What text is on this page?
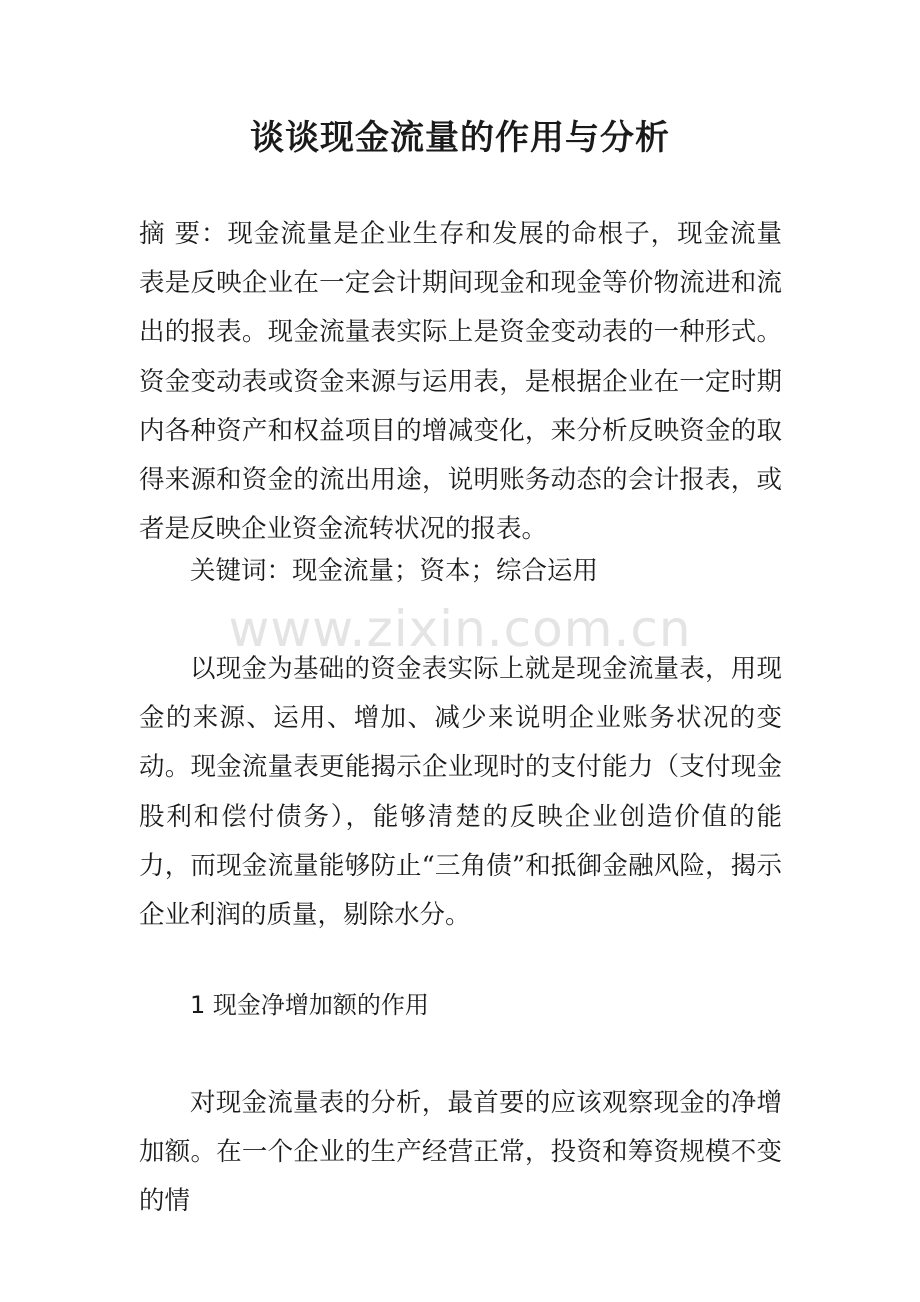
www.zixin.com.cn
谈谈现金流量的作用与分析

摘 要：现金流量是企业生存和发展的命根子，现金流量表是反映企业在一定会计期间现金和现金等价物流进和流出的报表。现金流量表实际上是资金变动表的一种形式。资金变动表或资金来源与运用表，是根据企业在一定时期内各种资产和权益项目的增减变化，来分析反映资金的取得来源和资金的流出用途，说明账务动态的会计报表，或者是反映企业资金流转状况的报表。

关键词：现金流量；资本；综合运用

以现金为基础的资金表实际上就是现金流量表，用现金的来源、运用、增加、减少来说明企业账务状况的变动。现金流量表更能揭示企业现时的支付能力（支付现金股利和偿付债务），能够清楚的反映企业创造价值的能力，而现金流量能够防止“三角债”和抵御金融风险，揭示企业利润的质量，剔除水分。

1 现金净增加额的作用

对现金流量表的分析，最首要的应该观察现金的净增加额。在一个企业的生产经营正常，投资和筹资规模不变的情
